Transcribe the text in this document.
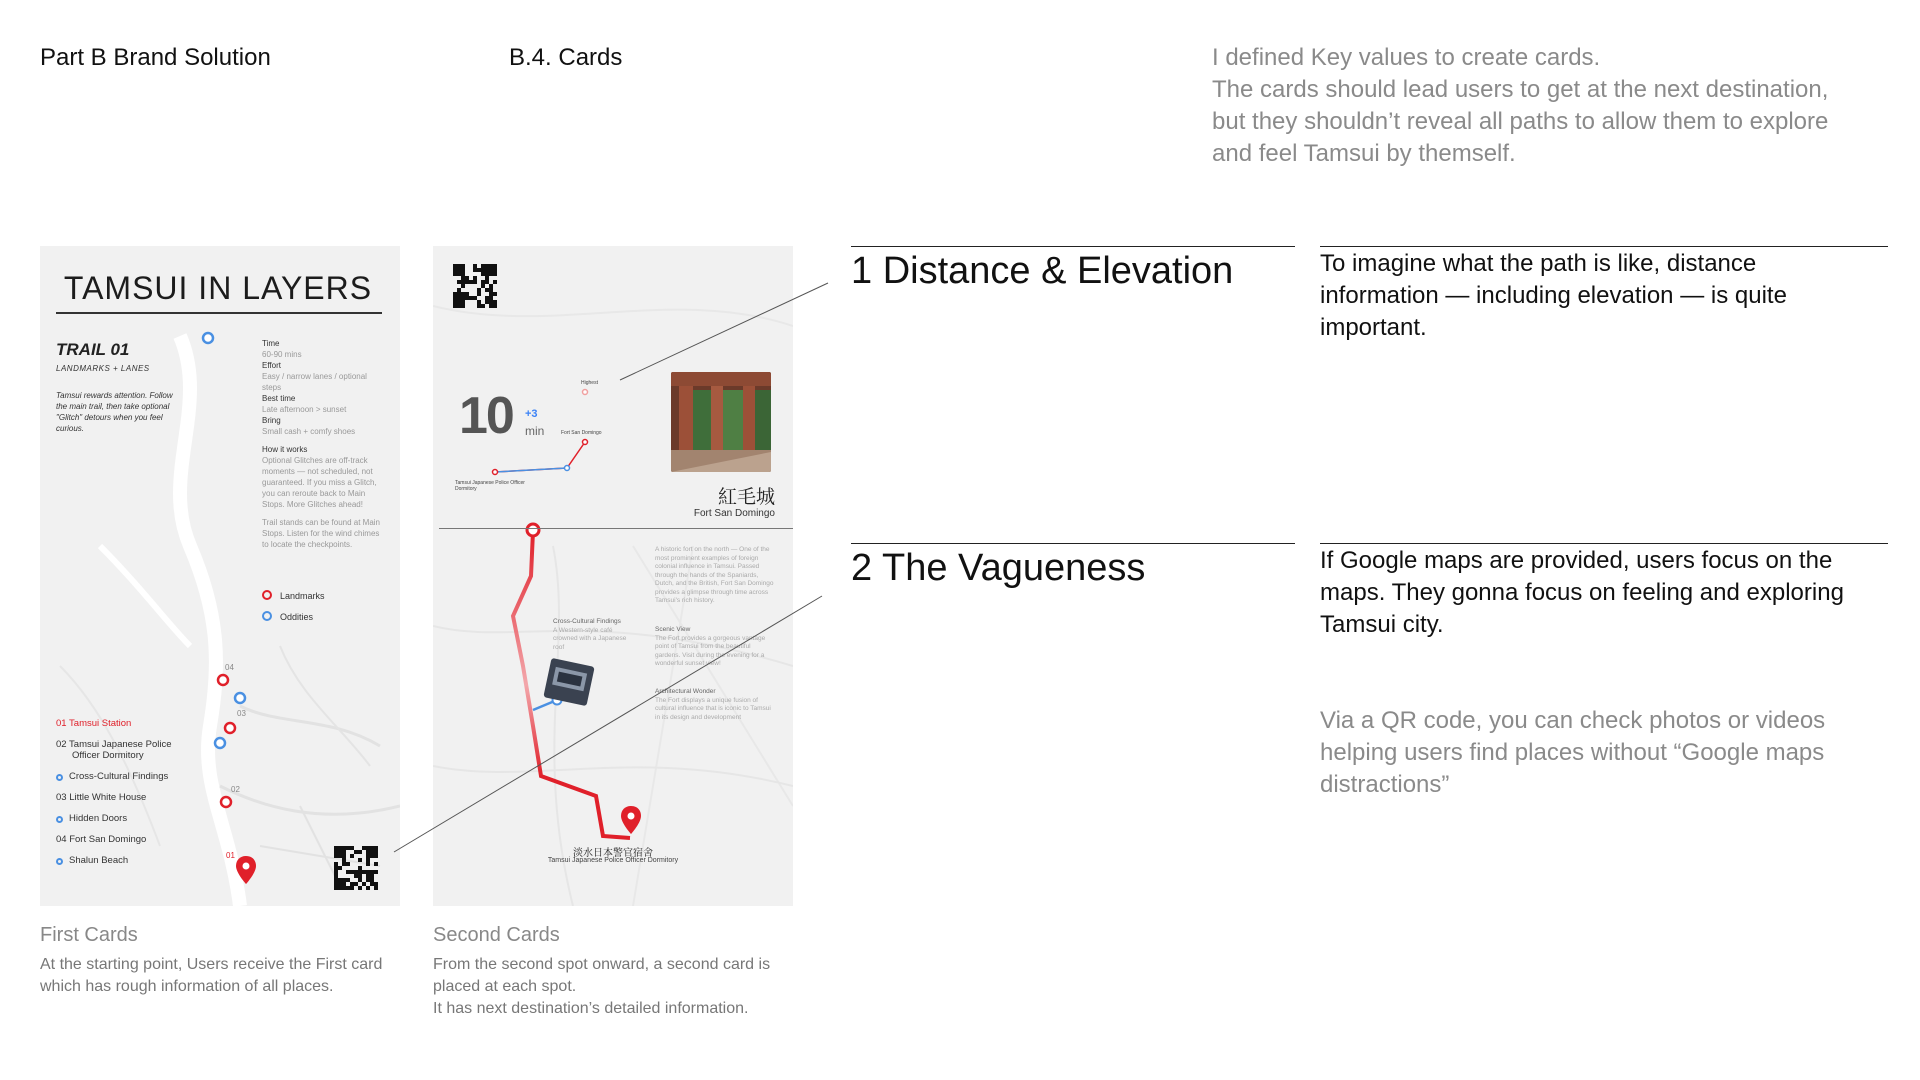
Part B Brand Solution	B.4. Cards	I defined Key values to create cards.
The cards should lead users to get at the next destination,
but they shouldn’t reveal all paths to allow them to explore
and feel Tamsui by themself.
04
03
02
01
TAMSUI IN LAYERS
TRAIL 01
LANDMARKS + LANES
Tamsui rewards attention. Follow the main trail, then take optional "Glitch" detours when you feel curious.

Time
60-90 mins
Effort
Easy / narrow lanes / optional steps
Best time
Late afternoon > sunset
Bring
Small cash + comfy shoes

How it works
Optional Glitches are off-track moments — not scheduled, not guaranteed. If you miss a Glitch, you can reroute back to Main Stops. More Glitches ahead!

Trail stands can be found at Main Stops. Listen for the wind chimes to locate the checkpoints.

Landmarks
Oddities
01 Tamsui Station
02 Tamsui Japanese Police
Officer Dormitory
Cross-Cultural Findings
03 Little White House
Hidden Doors
04 Fort San Domingo
Shalun Beach
10 +3
min
Highest
Fort San Domingo
Tamsui Japanese Police Officer Dormitory	紅毛城
Fort San Domingo
A historic fort on the north — One of the most prominent examples of foreign colonial influence in Tamsui. Passed through the hands of the Spaniards, Dutch, and the British, Fort San Domingo provides a glimpse through time across Tamsui's rich history.
Cross-Cultural Findings
A Western-style café crowned with a Japanese roof
Scenic View
The Fort provides a gorgeous vantage point of Tamsui from the beautiful gardens. Visit during the evening for a wonderful sunset view!
Architectural Wonder
The Fort displays a unique fusion of cultural influence that is iconic to Tamsui in its design and development
淡水日本警官宿舍
Tamsui Japanese Police Officer Dormitory
First Cards
At the starting point, Users receive the First card
which has rough information of all places.
Second Cards
From the second spot onward, a second card is
placed at each spot.
It has next destination’s detailed information.
1 Distance & Elevation	To imagine what the path is like, distance
information — including elevation — is quite
important.
2 The Vagueness	If Google maps are provided, users focus on the
maps. They gonna focus on feeling and exploring
Tamsui city.
Via a QR code, you can check photos or videos
helping users find places without “Google maps
distractions”
